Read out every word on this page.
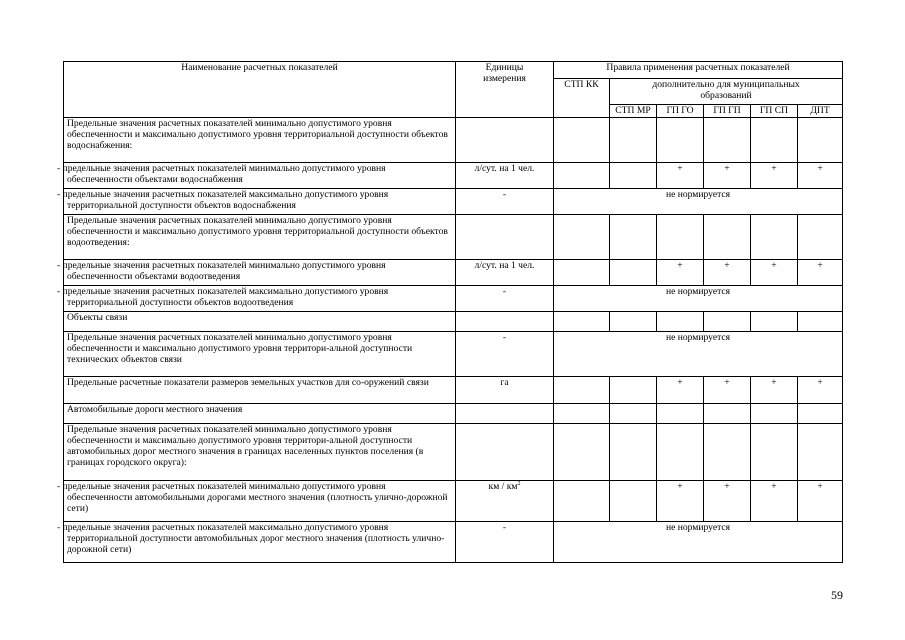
Наименование расчетных показателей	Единицы измерения	Правила применения расчетных показателей					
		СТП КК	дополнительно для муниципальных образований				
			СТП МР	ГП ГО	ГП ГП	ГП СП	ДПТ
Предельные значения расчетных показателей минимально допустимого уровня обеспеченности и максимально допустимого уровня территориальной доступности объектов водоснабжения:							
- предельные значения расчетных показателей минимально допустимого уровня обеспеченности объектами водоснабжения	л/сут. на 1 чел.			+	+	+	+
- предельные значения расчетных показателей максимально допустимого уровня территориальной доступности объектов водоснабжения	-	не нормируется					
Предельные значения расчетных показателей минимально допустимого уровня обеспеченности и максимально допустимого уровня территориальной доступности объектов водоотведения:							
- предельные значения расчетных показателей минимально допустимого уровня обеспеченности объектами водоотведения	л/сут. на 1 чел.			+	+	+	+
- предельные значения расчетных показателей максимально допустимого уровня территориальной доступности объектов водоотведения	-	не нормируется					
Объекты связи							
Предельные значения расчетных показателей минимально допустимого уровня обеспеченности и максимально допустимого уровня территори-альной доступности технических объектов связи	-	не нормируется					
Предельные расчетные показатели размеров земельных участков для со-оружений связи	га			+	+	+	+
Автомобильные дороги местного значения							
Предельные значения расчетных показателей минимально допустимого уровня обеспеченности и максимально допустимого уровня территори-альной доступности автомобильных дорог местного значения в границах населенных пунктов поселения (в границах городского округа):							
- предельные значения расчетных показателей минимально допустимого уровня обеспеченности автомобильными дорогами местного значения (плотность улично-дорожной сети)	км / $км^2$			+	+	+	+
- предельные значения расчетных показателей максимально допустимого уровня территориальной доступности автомобильных дорог местного значения (плотность улично-дорожной сети)	-	не нормируется					
59
